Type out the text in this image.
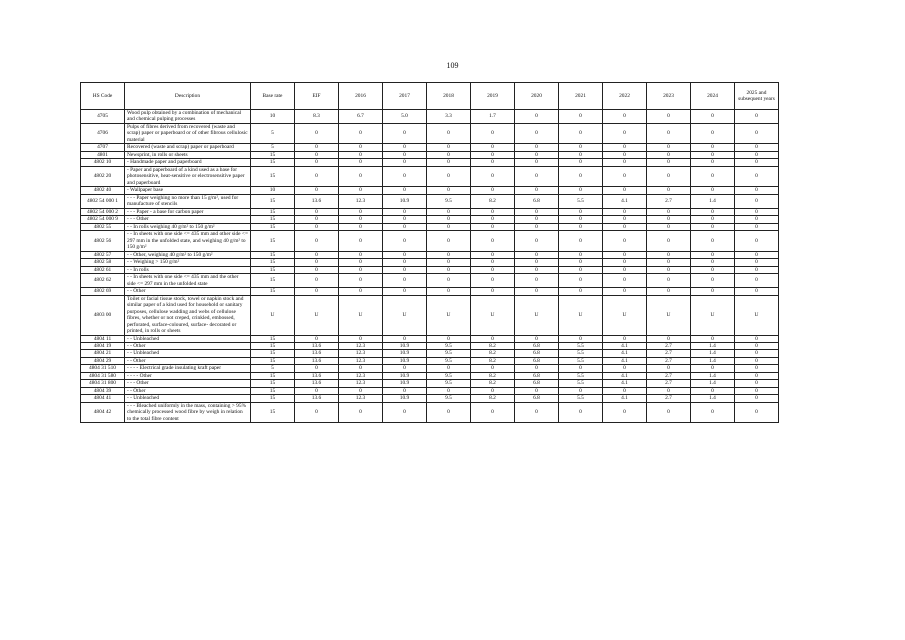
109
HS Code	Description	Base rate	EIF	2016	2017	2018	2019	2020	2021	2022	2023	2024	2025 and subsequent years
4705	Wood pulp obtained by a combination of mechanical and chemical pulping processes	10	8.3	6.7	5.0	3.3	1.7	0	0	0	0	0	0
4706	Pulps of fibres derived from recovered (waste and scrap) paper or paperboard or of other fibrous cellulosic material	5	0	0	0	0	0	0	0	0	0	0	0
4707	Recovered (waste and scrap) paper or paperboard	5	0	0	0	0	0	0	0	0	0	0	0
4801	Newsprint, in rolls or sheets	15	0	0	0	0	0	0	0	0	0	0	0
4802 10	- Handmade paper and paperboard	15	0	0	0	0	0	0	0	0	0	0	0
4802 20	- Paper and paperboard of a kind used as a base for photosensitive, heat-sensitive or electrosensitive paper and paperboard	15	0	0	0	0	0	0	0	0	0	0	0
4802 40	- Wallpaper base	10	0	0	0	0	0	0	0	0	0	0	0
4802 54 000 1	- - - Paper weighing no more than 15 g/m², used for manufacture of stencils	15	13.6	12.3	10.9	9.5	8.2	6.8	5.5	4.1	2.7	1.4	0
4802 54 000 2	- - - Paper - a base for carbon paper	15	0	0	0	0	0	0	0	0	0	0	0
4802 54 000 9	- - - Other	15	0	0	0	0	0	0	0	0	0	0	0
4802 55	- - In rolls weighing 40 g/m² to 150 g/m²	15	0	0	0	0	0	0	0	0	0	0	0
4802 56	- - In sheets with one side <= 435 mm and other side <= 297 mm in the unfolded state, and weighing 40 g/m² to 150 g/m²	15	0	0	0	0	0	0	0	0	0	0	0
4802 57	- - Other, weighing 40 g/m² to 150 g/m²	15	0	0	0	0	0	0	0	0	0	0	0
4802 58	- - Weighing > 150 g/m²	15	0	0	0	0	0	0	0	0	0	0	0
4802 61	- - In rolls	15	0	0	0	0	0	0	0	0	0	0	0
4802 62	- - In sheets with one side <= 435 mm and the other side <= 297 mm in the unfolded state	15	0	0	0	0	0	0	0	0	0	0	0
4802 69	- - Other	15	0	0	0	0	0	0	0	0	0	0	0
4803 00	Toilet or facial tissue stock, towel or napkin stock and similar paper of a kind used for household or sanitary purposes, cellulose wadding and webs of cellulose fibres, whether or not creped, crinkled, embossed, perforated, surface-coloured, surface- decorated or printed, in rolls or sheets	U	U	U	U	U	U	U	U	U	U	U	U
4804 11	- - Unbleached	15	0	0	0	0	0	0	0	0	0	0	0
4804 19	- - Other	15	13.6	12.3	10.9	9.5	8.2	6.8	5.5	4.1	2.7	1.4	0
4804 21	- - Unbleached	15	13.6	12.3	10.9	9.5	8.2	6.8	5.5	4.1	2.7	1.4	0
4804 29	- - Other	15	13.6	12.3	10.9	9.5	8.2	6.8	5.5	4.1	2.7	1.4	0
4804 31 510	- - - - Electrical grade insulating kraft paper	5	0	0	0	0	0	0	0	0	0	0	0
4804 31 580	- - - - Other	15	13.6	12.3	10.9	9.5	8.2	6.8	5.5	4.1	2.7	1.4	0
4804 31 800	- - - Other	15	13.6	12.3	10.9	9.5	8.2	6.8	5.5	4.1	2.7	1.4	0
4804 39	- - Other	15	0	0	0	0	0	0	0	0	0	0	0
4804 41	- - Unbleached	15	13.6	12.3	10.9	9.5	8.2	6.8	5.5	4.1	2.7	1.4	0
4804 42	- - - Bleached uniformly in the mass, containing > 95% chemically processed wood fibre by weigh in relation to the total fibre content	15	0	0	0	0	0	0	0	0	0	0	0
